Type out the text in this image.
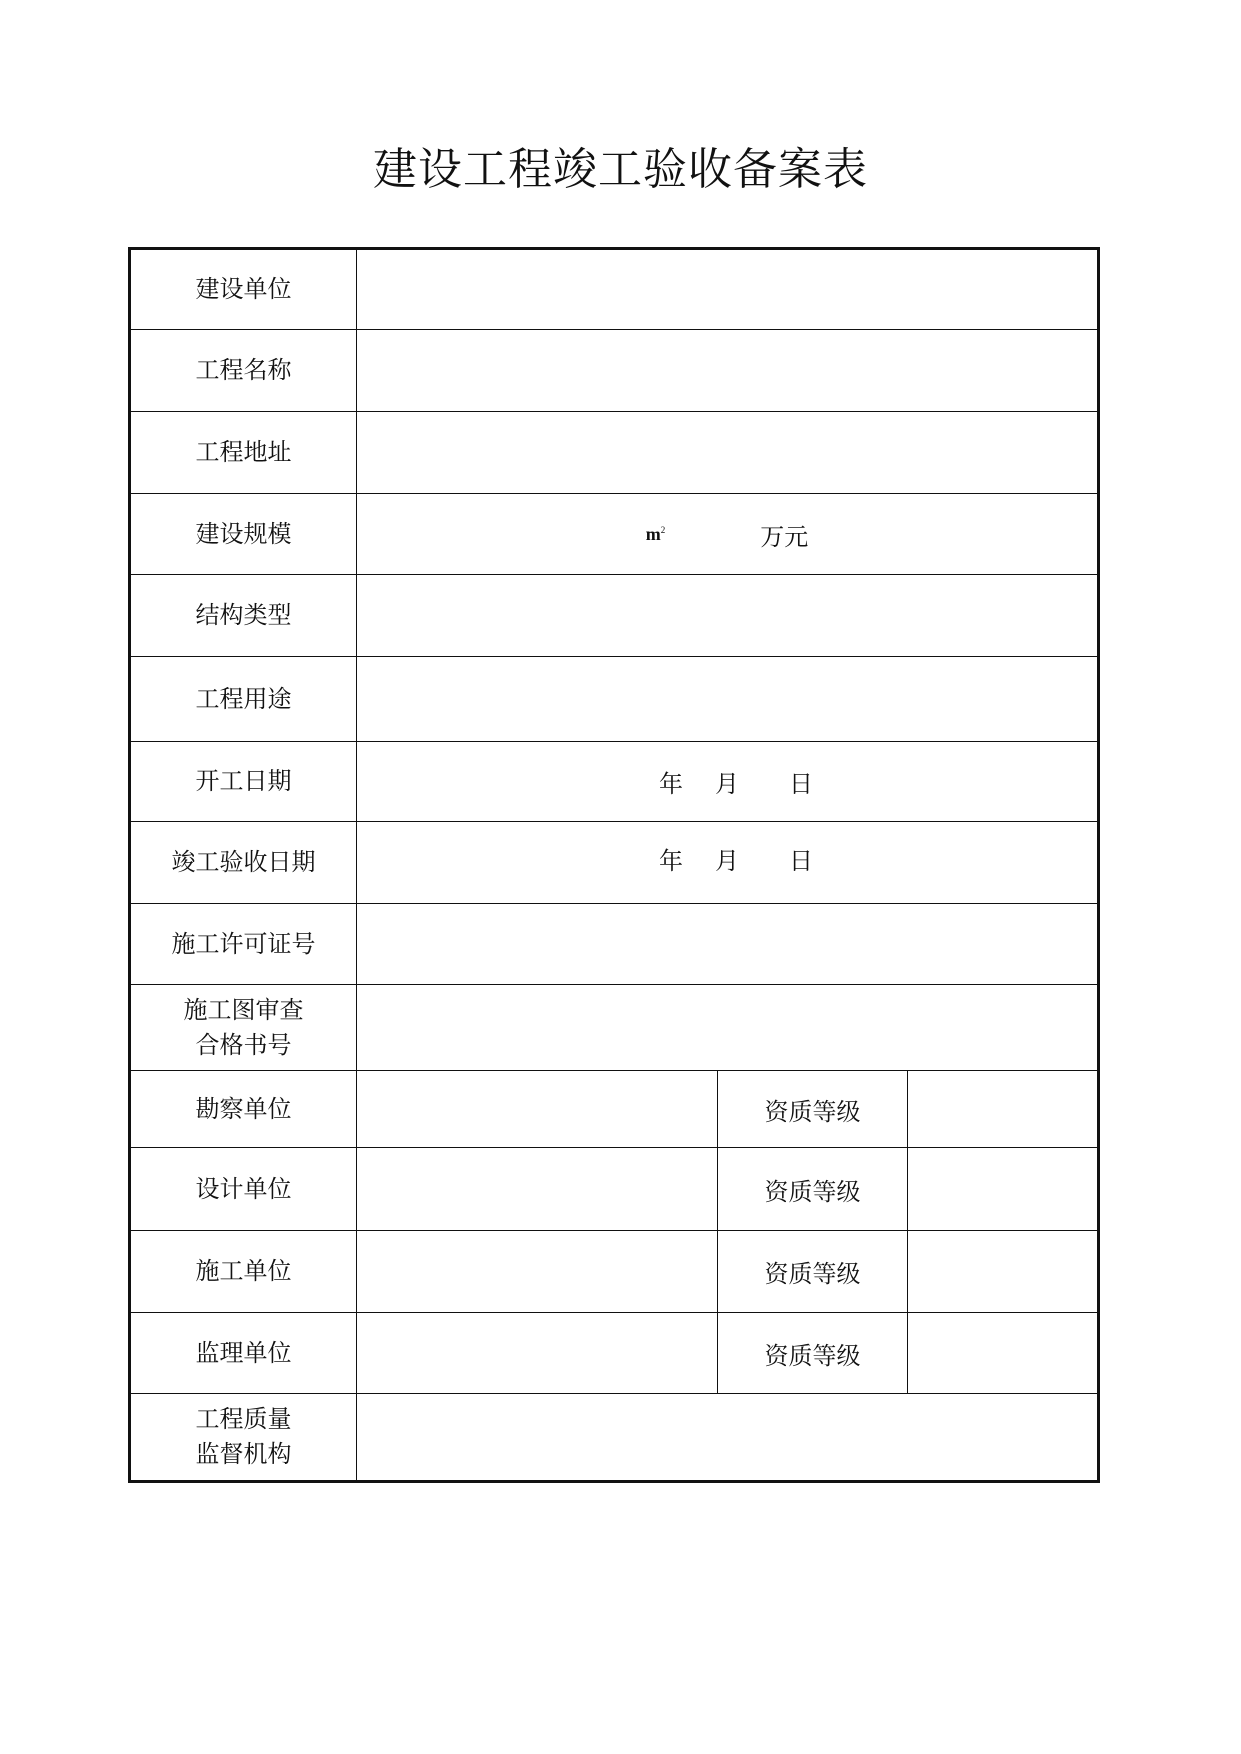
建设工程竣工验收备案表
建设单位			

工程名称			

工程地址			

建设规模	$m^2$ 万元		

结构类型			

工程用途			

开工日期	年 月 日		

竣工验收日期	年 月 日		

施工许可证号			

施工图审查
合格书号			

勘察单位		资质等级	

设计单位		资质等级	

施工单位		资质等级	

监理单位		资质等级	

工程质量
监督机构			
